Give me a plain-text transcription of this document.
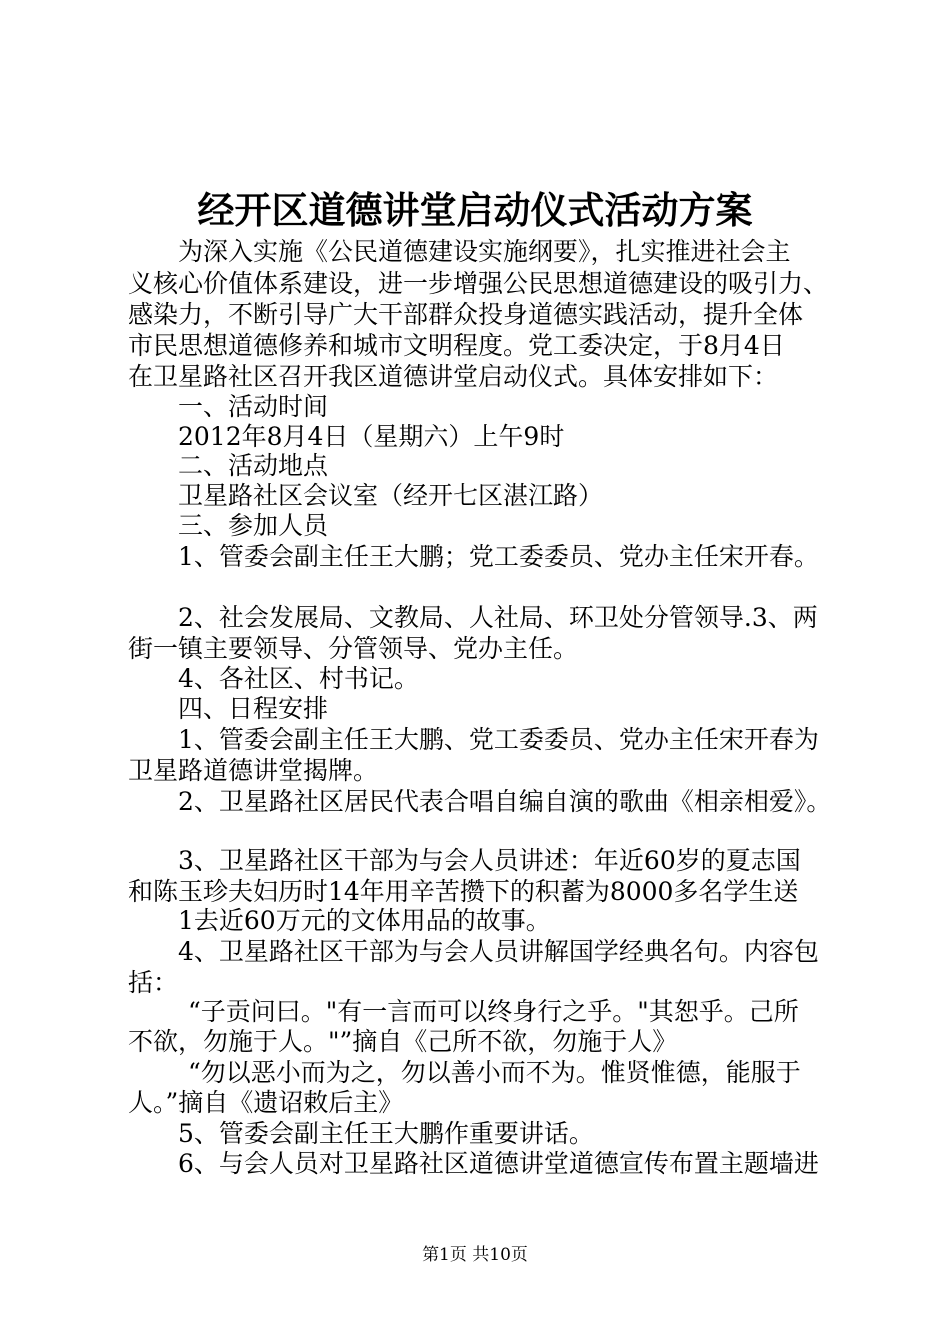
经开区道德讲堂启动仪式活动方案
为深入实施《公民道德建设实施纲要》，扎实推进社会主
义核心价值体系建设，进一步增强公民思想道德建设的吸引力、
感染力，不断引导广大干部群众投身道德实践活动，提升全体
市民思想道德修养和城市文明程度。党工委决定，于8月4日
在卫星路社区召开我区道德讲堂启动仪式。具体安排如下：
一、活动时间
2012年8月4日（星期六）上午9时
二、活动地点
卫星路社区会议室（经开七区湛江路）
三、参加人员
1、管委会副主任王大鹏；党工委委员、党办主任宋开春。
2、社会发展局、文教局、人社局、环卫处分管领导.3、两
街一镇主要领导、分管领导、党办主任。
4、各社区、村书记。
四、日程安排
1、管委会副主任王大鹏、党工委委员、党办主任宋开春为
卫星路道德讲堂揭牌。
2、卫星路社区居民代表合唱自编自演的歌曲《相亲相爱》。
3、卫星路社区干部为与会人员讲述：年近60岁的夏志国
和陈玉珍夫妇历时14年用辛苦攒下的积蓄为8000多名学生送
1去近60万元的文体用品的故事。
4、卫星路社区干部为与会人员讲解国学经典名句。内容包
括：
“子贡问曰。"有一言而可以终身行之乎。"其恕乎。己所
不欲，勿施于人。"”摘自《己所不欲，勿施于人》
“勿以恶小而为之，勿以善小而不为。惟贤惟德，能服于
人。”摘自《遗诏敕后主》
5、管委会副主任王大鹏作重要讲话。
6、与会人员对卫星路社区道德讲堂道德宣传布置主题墙进
第1页 共10页
